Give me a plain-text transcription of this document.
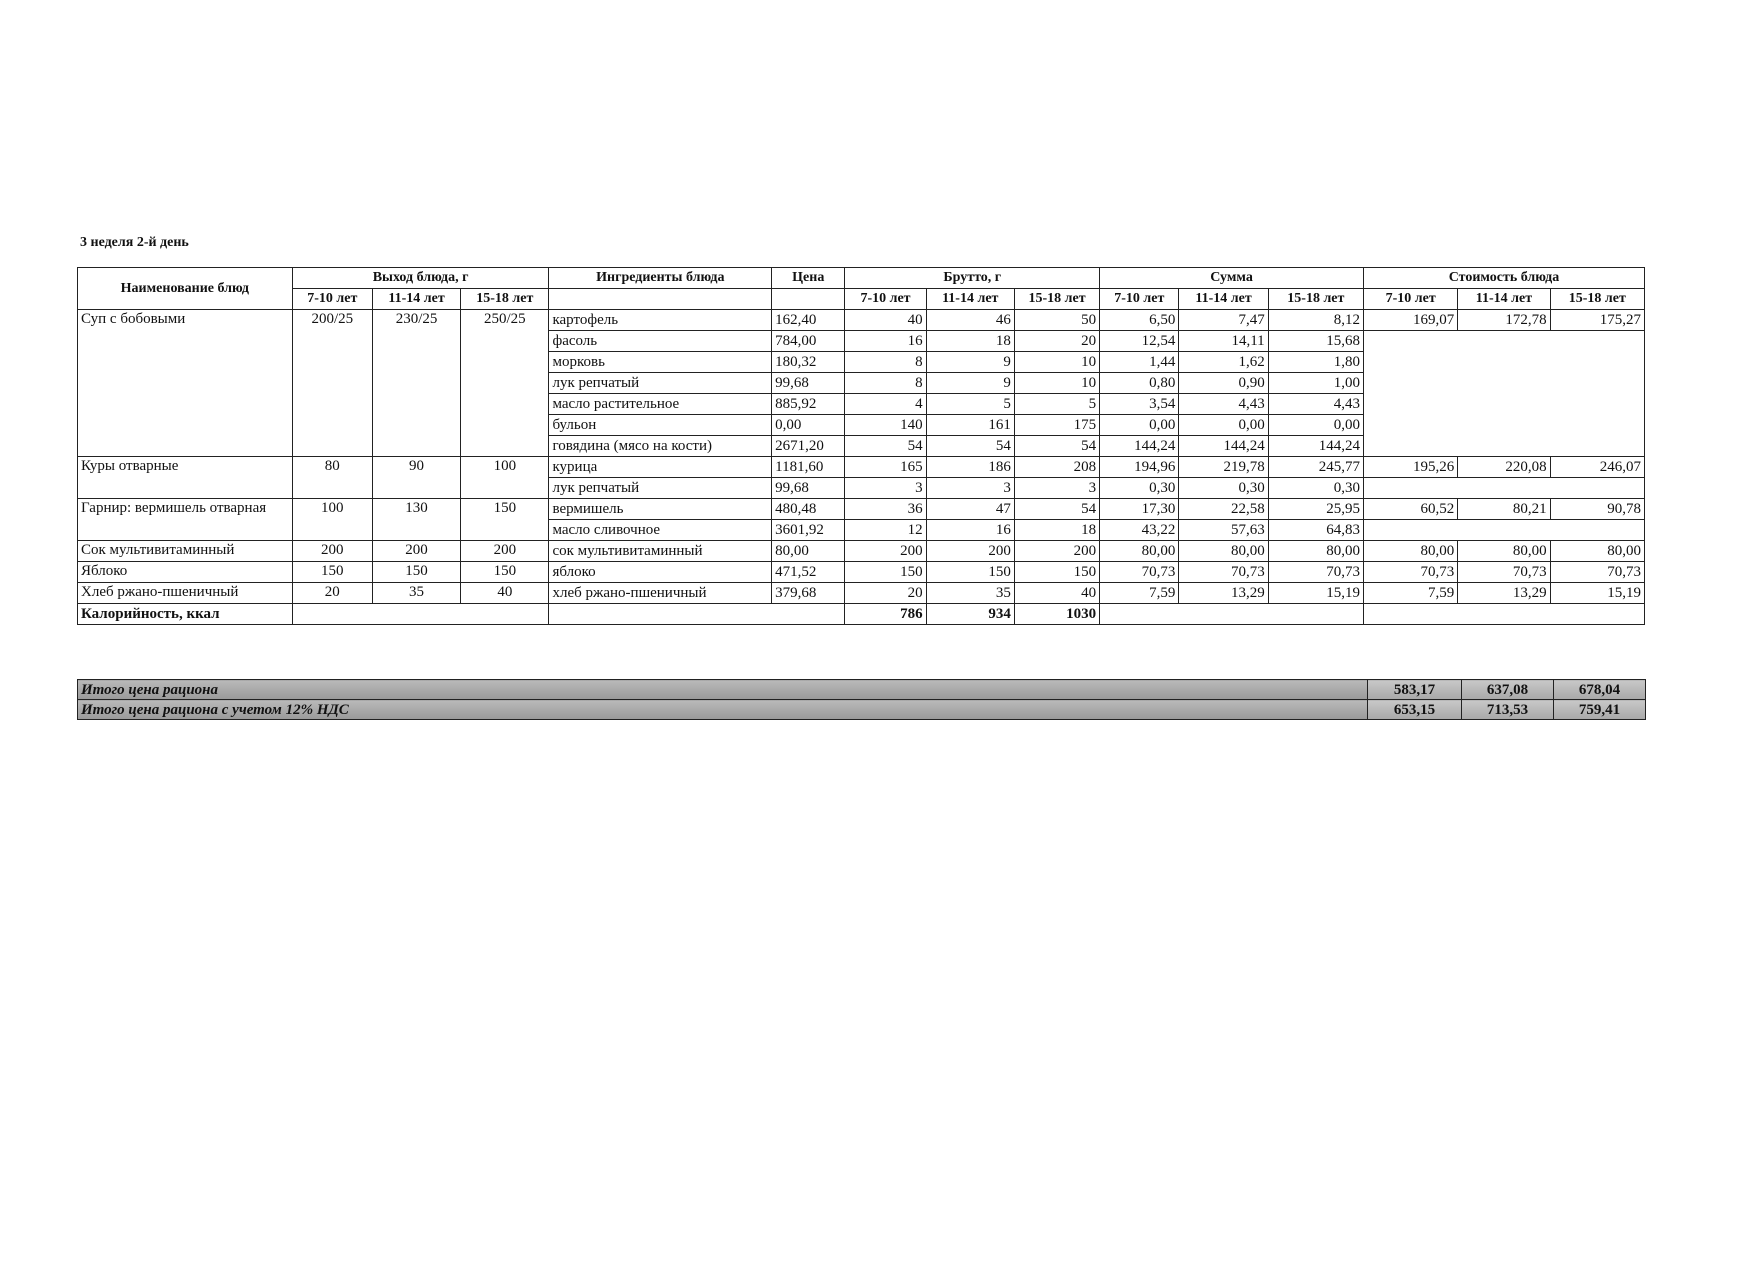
3 неделя 2-й день
Наименование блюд	Выход блюда, г			Ингредиенты блюда	Цена	Брутто, г			Сумма			Стоимость блюда		
	7-10 лет	11-14 лет	15-18 лет			7-10 лет	11-14 лет	15-18 лет	7-10 лет	11-14 лет	15-18 лет	7-10 лет	11-14 лет	15-18 лет
Суп с бобовыми	200/25	230/25	250/25	картофель	162,40	40	46	50	6,50	7,47	8,12	169,07	172,78	175,27
				фасоль	784,00	16	18	20	12,54	14,11	15,68			
				морковь	180,32	8	9	10	1,44	1,62	1,80			
				лук репчатый	99,68	8	9	10	0,80	0,90	1,00			
				масло растительное	885,92	4	5	5	3,54	4,43	4,43			
				бульон	0,00	140	161	175	0,00	0,00	0,00			
				говядина (мясо на кости)	2671,20	54	54	54	144,24	144,24	144,24			
Куры отварные	80	90	100	курица	1181,60	165	186	208	194,96	219,78	245,77	195,26	220,08	246,07
				лук репчатый	99,68	3	3	3	0,30	0,30	0,30			
Гарнир: вермишель отварная	100	130	150	вермишель	480,48	36	47	54	17,30	22,58	25,95	60,52	80,21	90,78
				масло сливочное	3601,92	12	16	18	43,22	57,63	64,83			
Сок мультивитаминный	200	200	200	сок мультивитаминный	80,00	200	200	200	80,00	80,00	80,00	80,00	80,00	80,00
Яблоко	150	150	150	яблоко	471,52	150	150	150	70,73	70,73	70,73	70,73	70,73	70,73
Хлеб ржано-пшеничный	20	35	40	хлеб ржано-пшеничный	379,68	20	35	40	7,59	13,29	15,19	7,59	13,29	15,19
Калорийность, ккал						786	934	1030						
Итого цена рациона	583,17	637,08	678,04
Итого цена рациона с учетом 12% НДС	653,15	713,53	759,41
